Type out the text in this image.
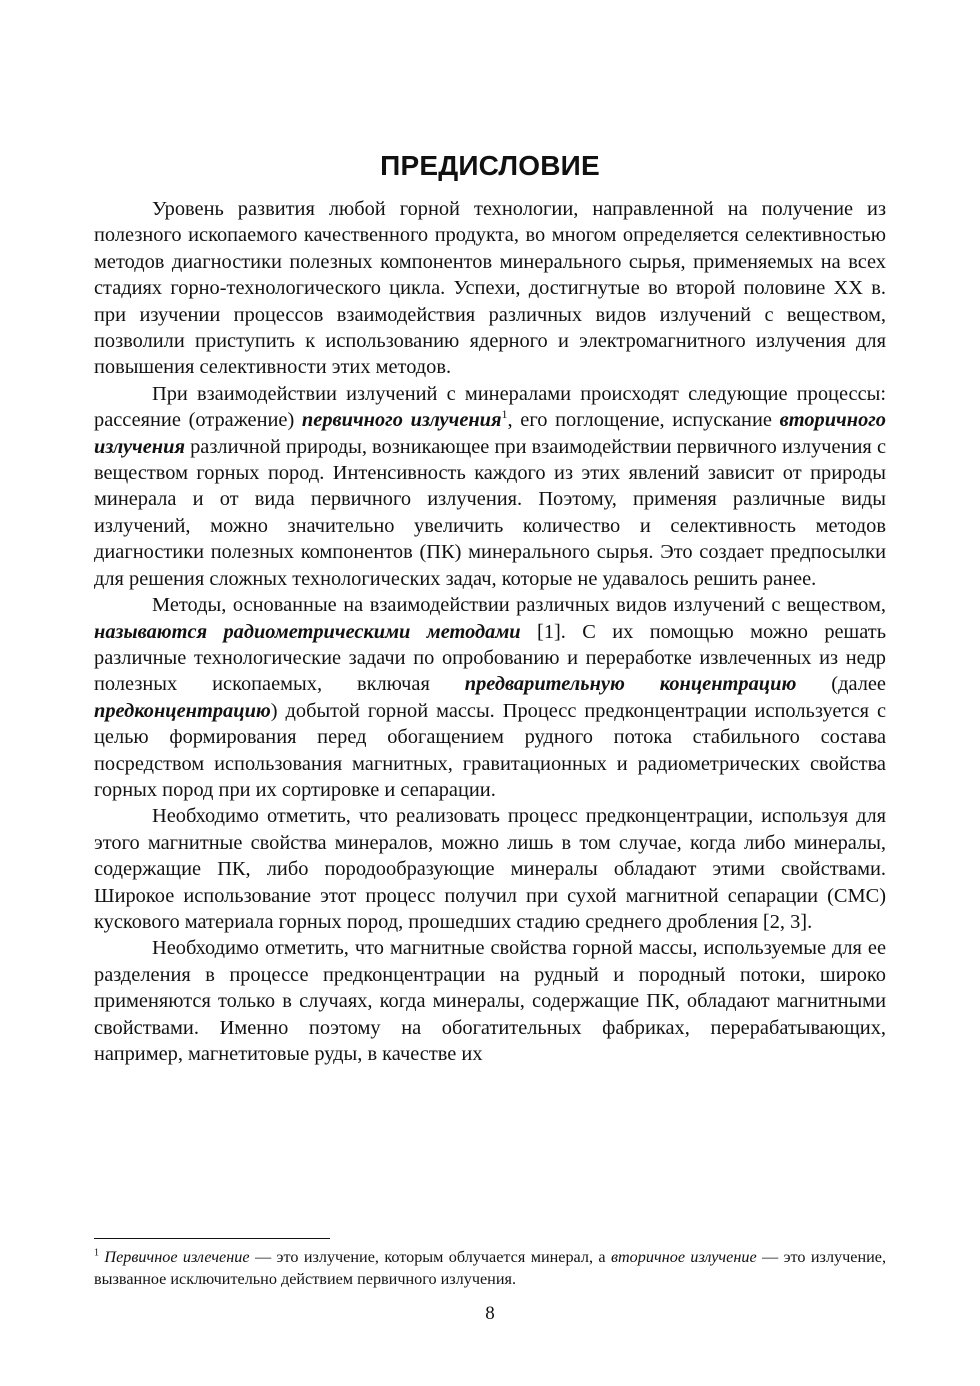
ПРЕДИСЛОВИЕ

Уровень развития любой горной технологии, направленной на получение из полезного ископаемого качественного продукта, во многом определяется селективностью методов диагностики полезных компонентов минерального сырья, применяемых на всех стадиях горно-технологического цикла. Успехи, достигнутые во второй половине XX в. при изучении процессов взаимодействия различных видов излучений с веществом, позволили приступить к использованию ядерного и электромагнитного излучения для повышения селективности этих методов.

При взаимодействии излучений с минералами происходят следующие процессы: рассеяние (отражение) первичного излучения$^1$, его поглощение, испускание вторичного излучения различной природы, возникающее при взаимодействии первичного излучения с веществом горных пород. Интенсивность каждого из этих явлений зависит от природы минерала и от вида первичного излучения. Поэтому, применяя различные виды излучений, можно значительно увеличить количество и селективность методов диагностики полезных компонентов (ПК) минерального сырья. Это создает предпосылки для решения сложных технологических задач, которые не удавалось решить ранее.

Методы, основанные на взаимодействии различных видов излучений с веществом, называются радиометрическими методами [1]. С их помощью можно решать различные технологические задачи по опробованию и переработке извлеченных из недр полезных ископаемых, включая предварительную концентрацию (далее предконцентрацию) добытой горной массы. Процесс предконцентрации используется с целью формирования перед обогащением рудного потока стабильного состава посредством использования магнитных, гравитационных и радиометрических свойства горных пород при их сортировке и сепарации.

Необходимо отметить, что реализовать процесс предконцентрации, используя для этого магнитные свойства минералов, можно лишь в том случае, когда либо минералы, содержащие ПК, либо породообразующие минералы обладают этими свойствами. Широкое использование этот процесс получил при сухой магнитной сепарации (СМС) кускового материала горных пород, прошедших стадию среднего дробления [2, 3].

Необходимо отметить, что магнитные свойства горной массы, используемые для ее разделения в процессе предконцентрации на рудный и породный потоки, широко применяются только в случаях, когда минералы, содержащие ПК, обладают магнитными свойствами. Именно поэтому на обогатительных фабриках, перерабатывающих, например, магнетитовые руды, в качестве их

$^1$ Первичное излечение — это излучение, которым облучается минерал, а вторичное излучение — это излучение, вызванное исключительно действием первичного излучения.

8
